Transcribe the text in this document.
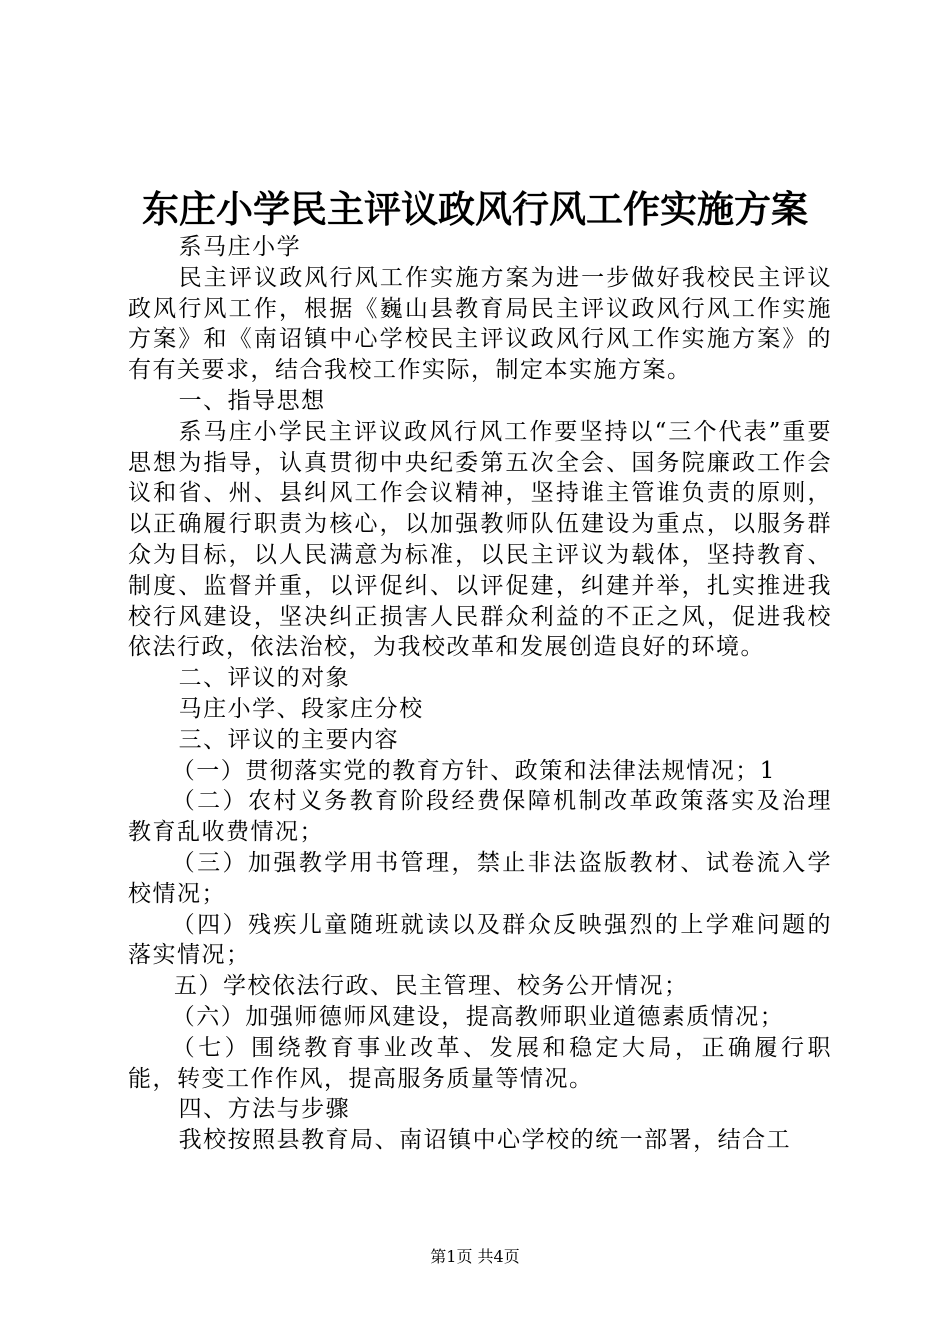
东庄小学民主评议政风行风工作实施方案

系马庄小学

民主评议政风行风工作实施方案为进一步做好我校民主评议政风行风工作，根据《巍山县教育局民主评议政风行风工作实施方案》和《南诏镇中心学校民主评议政风行风工作实施方案》的有有关要求，结合我校工作实际，制定本实施方案。

一、指导思想

系马庄小学民主评议政风行风工作要坚持以“三个代表”重要思想为指导，认真贯彻中央纪委第五次全会、国务院廉政工作会议和省、州、县纠风工作会议精神，坚持谁主管谁负责的原则，以正确履行职责为核心，以加强教师队伍建设为重点，以服务群众为目标，以人民满意为标准，以民主评议为载体，坚持教育、制度、监督并重，以评促纠、以评促建，纠建并举，扎实推进我校行风建设，坚决纠正损害人民群众利益的不正之风，促进我校依法行政，依法治校，为我校改革和发展创造良好的环境。

二、评议的对象

马庄小学、段家庄分校

三、评议的主要内容

（一）贯彻落实党的教育方针、政策和法律法规情况；1

（二）农村义务教育阶段经费保障机制改革政策落实及治理教育乱收费情况；

（三）加强教学用书管理，禁止非法盗版教材、试卷流入学校情况；

（四）残疾儿童随班就读以及群众反映强烈的上学难问题的落实情况；

五）学校依法行政、民主管理、校务公开情况；

（六）加强师德师风建设，提高教师职业道德素质情况；

（七）围绕教育事业改革、发展和稳定大局，正确履行职能，转变工作作风，提高服务质量等情况。

四、方法与步骤

我校按照县教育局、南诏镇中心学校的统一部署，结合工

第1页 共4页
